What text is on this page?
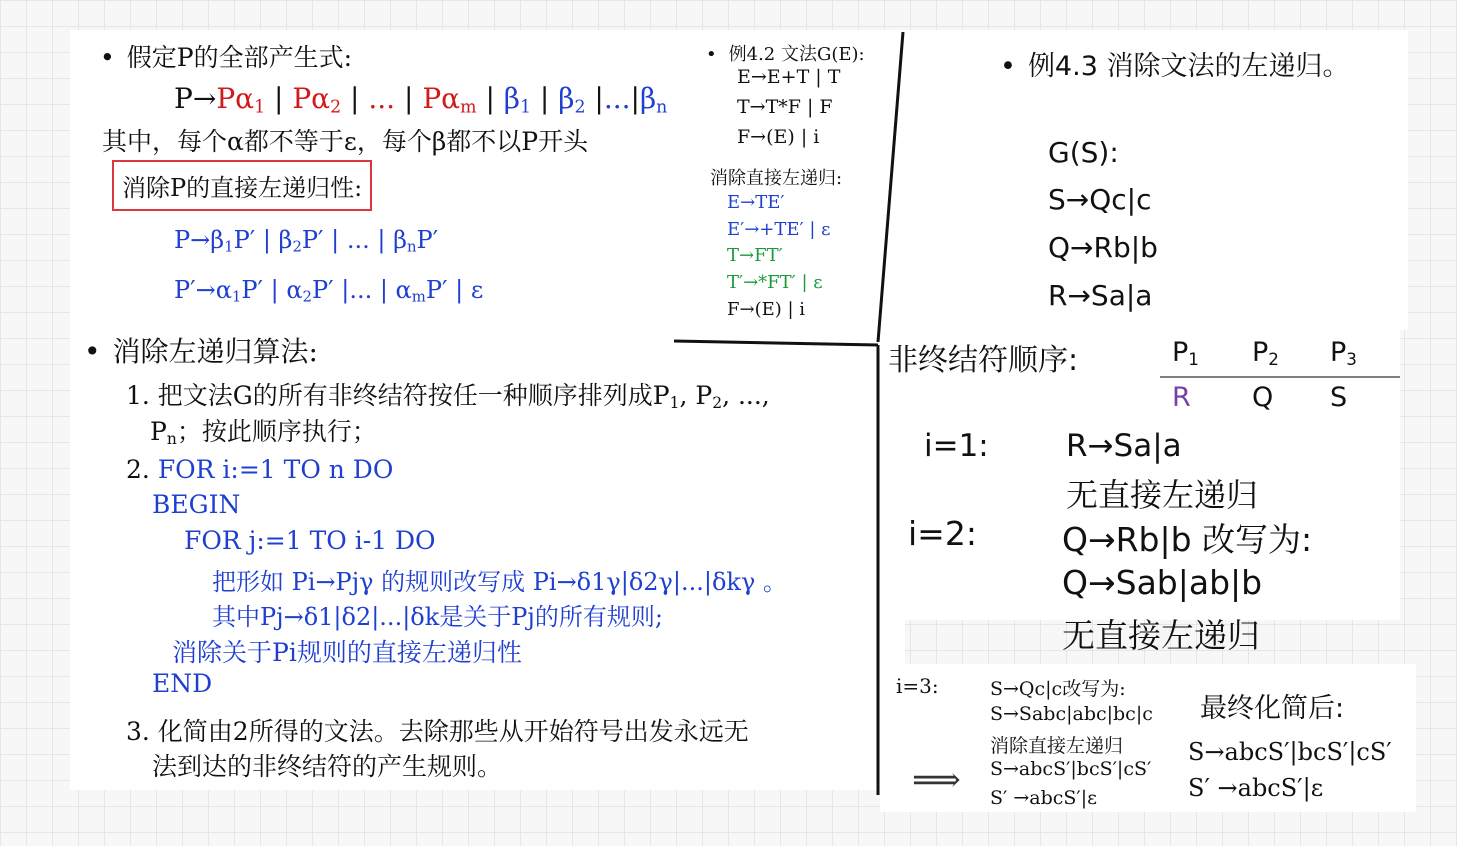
• 假定P的全部产生式:
$P\to P\alpha_1$ | $P\alpha_2$ | ... | $P\alpha_m$ | $\beta_1$ | $\beta_2$ $|...|\beta_n$
其中，每个α都不等于ε，每个β都不以P开头
消除P的直接左递归性:
$P\to\beta_1P'$ | $\beta_2P'$ | ... | $\beta_nP'$
$P'\to\alpha_1P'$ | $\alpha_2P'$ |... | $\alpha_mP'$ | ε
• 例4.2 文法G(E):
E→E+T | T
T→T*F | F
F→(E) | i
消除直接左递归:
E→TE′
E′→+TE′ | ε
T→FT′
T′→*FT′ | ε
F→(E) | i
• 消除左递归算法:
1. 把文法G的所有非终结符按任一种顺序排列成$P_1$, $P_2$, ...,
$P_n$；按此顺序执行；
2. FOR i:=1 TO n DO
BEGIN
FOR j:=1 TO i-1 DO
把形如 Pi→Pjγ 的规则改写成 Pi→δ1γ|δ2γ|...|δkγ 。
其中Pj→δ1|δ2|...|δk是关于Pj的所有规则;
消除关于Pi规则的直接左递归性
END
3. 化简由2所得的文法。去除那些从开始符号出发永远无
法到达的非终结符的产生规则。
• 例4.3 消除文法的左递归。
G(S):
S→Qc|c
Q→Rb|b
R→Sa|a
非终结符顺序:	$P_1$ $P_2$ $P_3$
R Q S
i=1: R→Sa|a
无直接左递归
i=2:	Q→Rb|b 改写为:
Q→Sab|ab|b
无直接左递归
i=3:	S→Qc|c改写为:
S→Sabc|abc|bc|c
消除直接左递归
S→abcS′|bcS′|cS′
S′ →abcS′|ε
⟹
最终化简后:
S→abcS′|bcS′|cS′
S′ →abcS′|ε
